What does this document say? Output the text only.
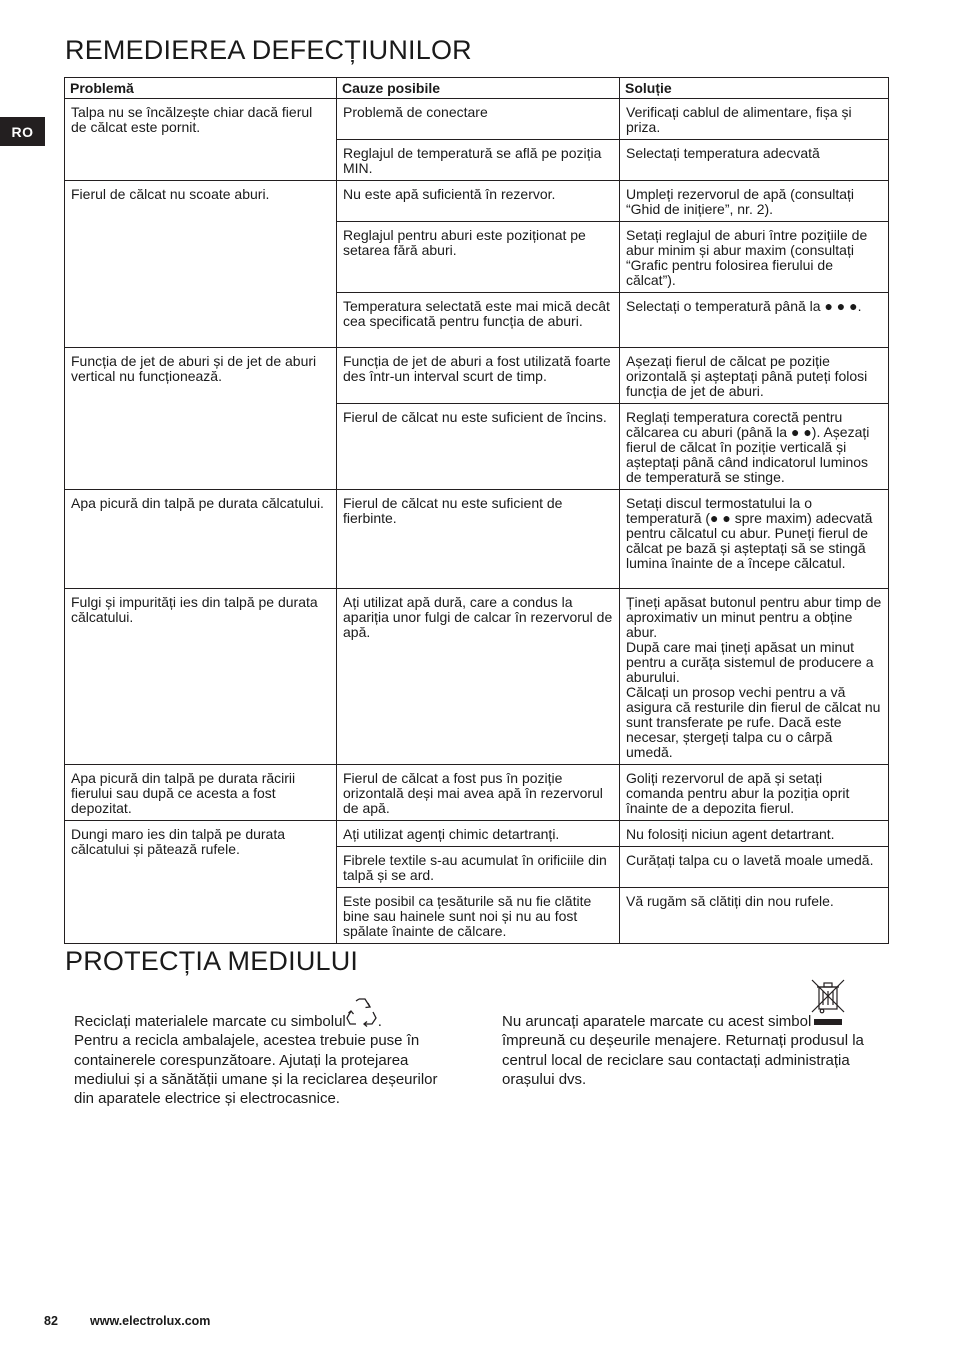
RO
REMEDIEREA DEFECȚIUNILOR
Problemă	Cauze posibile	Soluție
Talpa nu se încălzește chiar dacă fierul de călcat este pornit.	Problemă de conectare	Verificați cablul de alimentare, fișa și priza.
	Reglajul de temperatură se află pe poziția MIN.	Selectați temperatura adecvată
Fierul de călcat nu scoate aburi.	Nu este apă suficientă în rezervor.	Umpleți rezervorul de apă (consultați “Ghid de inițiere”, nr. 2).
	Reglajul pentru aburi este poziționat pe setarea fără aburi.	Setați reglajul de aburi între pozițiile de abur minim și abur maxim (consultați “Grafic pentru folosirea fierului de călcat”).
	Temperatura selectată este mai mică decât cea specificată pentru funcția de aburi.	Selectați o temperatură până la ● ● ●.
Funcția de jet de aburi și de jet de aburi vertical nu funcționează.	Funcția de jet de aburi a fost utilizată foarte des într-un interval scurt de timp.	Așezați fierul de călcat pe poziție orizontală și așteptați până puteți folosi funcția de jet de aburi.
	Fierul de călcat nu este suficient de încins.	Reglați temperatura corectă pentru călcarea cu aburi (până la ● ●). Așezați fierul de călcat în poziție verticală și așteptați până când indicatorul luminos de temperatură se stinge.
Apa picură din talpă pe durata călcatului.	Fierul de călcat nu este suficient de fierbinte.	Setați discul termostatului la o temperatură (● ● spre maxim) adecvată pentru călcatul cu abur. Puneți fierul de călcat pe bază și așteptați să se stingă lumina înainte de a începe călcatul.
Fulgi și impurități ies din talpă pe durata călcatului.	Ați utilizat apă dură, care a condus la apariția unor fulgi de calcar în rezervorul de apă.	Țineți apăsat butonul pentru abur timp de aproximativ un minut pentru a obține abur.
După care mai țineți apăsat un minut pentru a curăța sistemul de producere a aburului.
Călcați un prosop vechi pentru a vă asigura că resturile din fierul de călcat nu sunt transferate pe rufe. Dacă este necesar, ștergeți talpa cu o cârpă umedă.
Apa picură din talpă pe durata răcirii fierului sau după ce acesta a fost depozitat.	Fierul de călcat a fost pus în poziție orizontală deși mai avea apă în rezervorul de apă.	Goliți rezervorul de apă și setați comanda pentru abur la poziția oprit înainte de a depozita fierul.
Dungi maro ies din talpă pe durata călcatului și pătează rufele.	Ați utilizat agenți chimic detartranți.	Nu folosiți niciun agent detartrant.
	Fibrele textile s-au acumulat în orificiile din talpă și se ard.	Curățați talpa cu o lavetă moale umedă.
	Este posibil ca țesăturile să nu fie clătite bine sau hainele sunt noi și nu au fost spălate înainte de călcare.	Vă rugăm să clătiți din nou rufele.
PROTECȚIA MEDIULUI
Reciclați materialele marcate cu simbolul .
Pentru a recicla ambalajele, acestea trebuie puse în containerele corespunzătoare. Ajutați la protejarea mediului și a sănătății umane și la reciclarea deșeurilor din aparatele electrice și electrocasnice.
Nu aruncați aparatele marcate cu acest simbol
împreună cu deșeurile menajere. Returnați produsul la centrul local de reciclare sau contactați administrația orașului dvs.
82	www.electrolux.com
